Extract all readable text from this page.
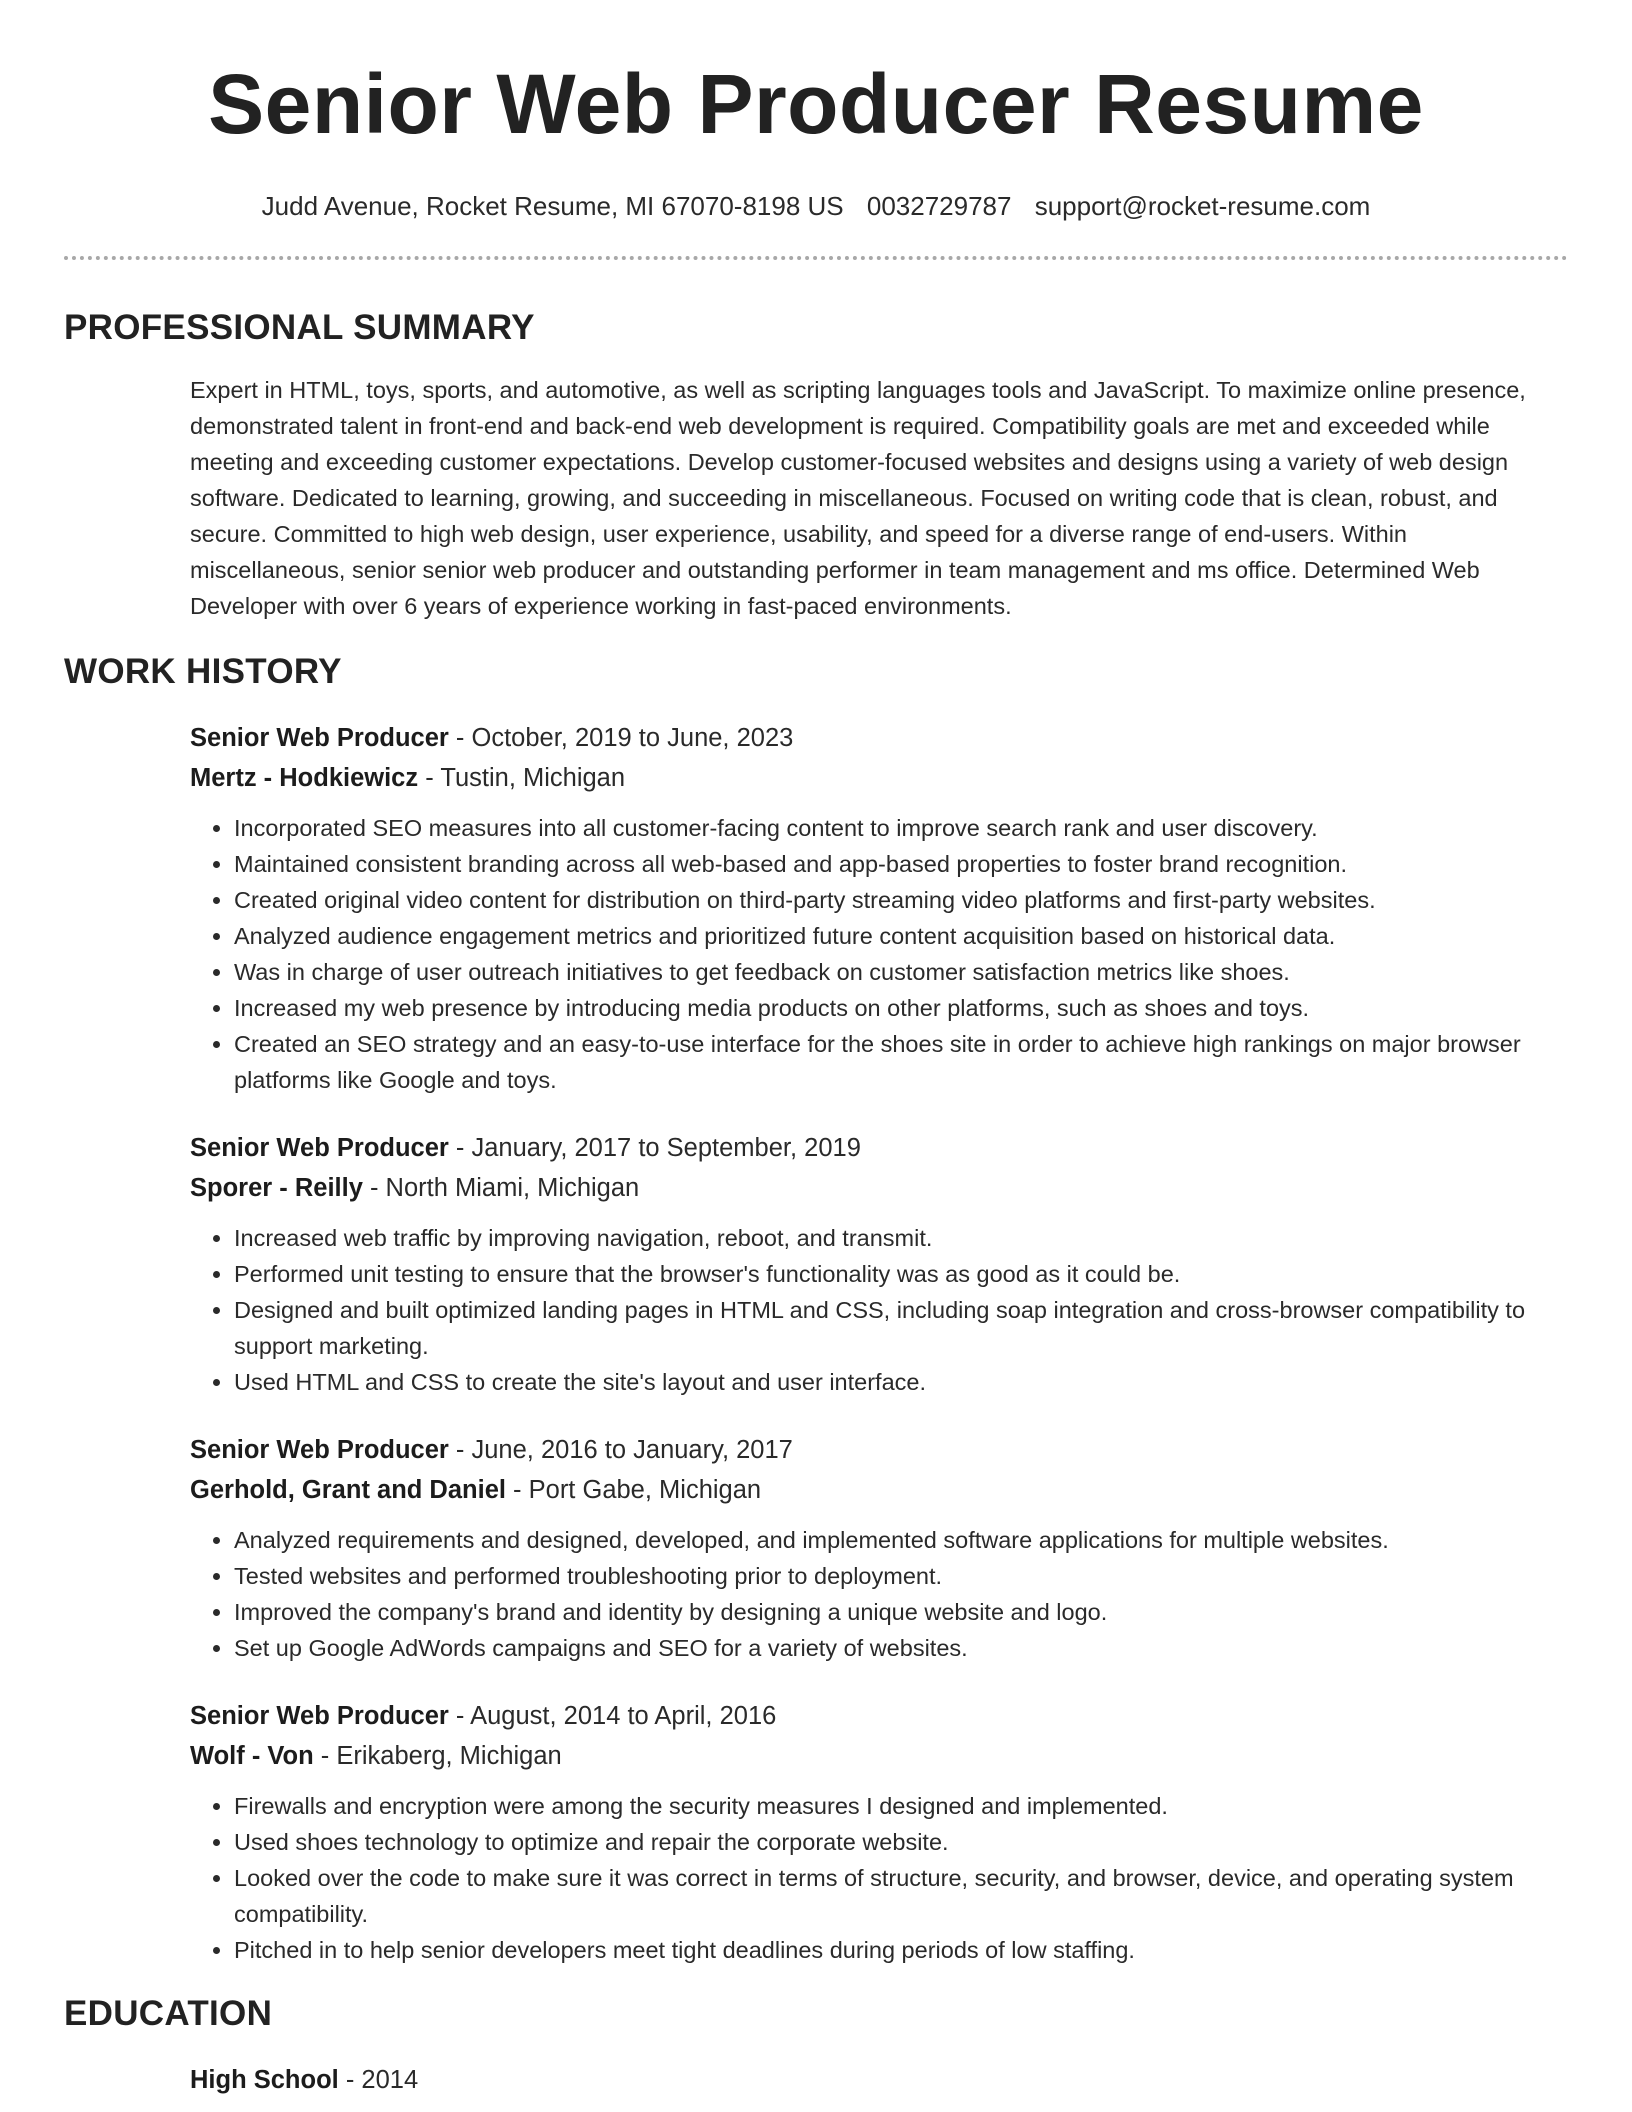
Senior Web Producer Resume
Judd Avenue, Rocket Resume, MI 67070-8198 US 0032729787 support@rocket-resume.com
PROFESSIONAL SUMMARY

Expert in HTML, toys, sports, and automotive, as well as scripting languages tools and JavaScript. To maximize online presence, demonstrated talent in front-end and back-end web development is required. Compatibility goals are met and exceeded while meeting and exceeding customer expectations. Develop customer-focused websites and designs using a variety of web design software. Dedicated to learning, growing, and succeeding in miscellaneous. Focused on writing code that is clean, robust, and secure. Committed to high web design, user experience, usability, and speed for a diverse range of end-users. Within miscellaneous, senior senior web producer and outstanding performer in team management and ms office. Determined Web Developer with over 6 years of experience working in fast-paced environments.

WORK HISTORY
Senior Web Producer - October, 2019 to June, 2023
Mertz - Hodkiewicz - Tustin, Michigan
• Incorporated SEO measures into all customer-facing content to improve search rank and user discovery.
• Maintained consistent branding across all web-based and app-based properties to foster brand recognition.
• Created original video content for distribution on third-party streaming video platforms and first-party websites.
• Analyzed audience engagement metrics and prioritized future content acquisition based on historical data.
• Was in charge of user outreach initiatives to get feedback on customer satisfaction metrics like shoes.
• Increased my web presence by introducing media products on other platforms, such as shoes and toys.
• Created an SEO strategy and an easy-to-use interface for the shoes site in order to achieve high rankings on major browser platforms like Google and toys.
Senior Web Producer - January, 2017 to September, 2019
Sporer - Reilly - North Miami, Michigan
• Increased web traffic by improving navigation, reboot, and transmit.
• Performed unit testing to ensure that the browser's functionality was as good as it could be.
• Designed and built optimized landing pages in HTML and CSS, including soap integration and cross-browser compatibility to support marketing.
• Used HTML and CSS to create the site's layout and user interface.
Senior Web Producer - June, 2016 to January, 2017
Gerhold, Grant and Daniel - Port Gabe, Michigan
• Analyzed requirements and designed, developed, and implemented software applications for multiple websites.
• Tested websites and performed troubleshooting prior to deployment.
• Improved the company's brand and identity by designing a unique website and logo.
• Set up Google AdWords campaigns and SEO for a variety of websites.
Senior Web Producer - August, 2014 to April, 2016
Wolf - Von - Erikaberg, Michigan
• Firewalls and encryption were among the security measures I designed and implemented.
• Used shoes technology to optimize and repair the corporate website.
• Looked over the code to make sure it was correct in terms of structure, security, and browser, device, and operating system compatibility.
• Pitched in to help senior developers meet tight deadlines during periods of low staffing.
EDUCATION
High School - 2014
